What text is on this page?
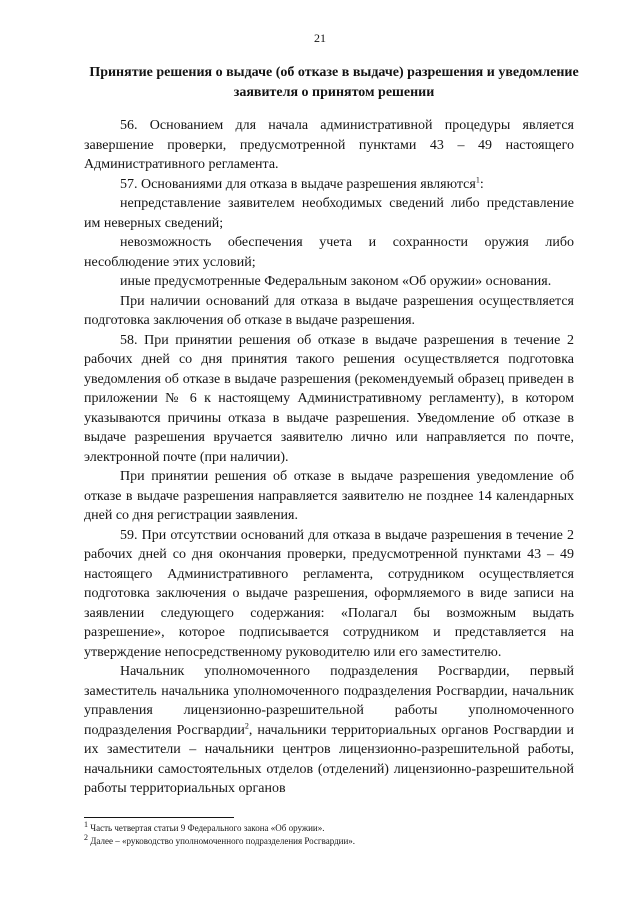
21
Принятие решения о выдаче (об отказе в выдаче) разрешения и уведомление заявителя о принятом решении

56. Основанием для начала административной процедуры является завершение проверки, предусмотренной пунктами 43 – 49 настоящего Административного регламента.

57. Основаниями для отказа в выдаче разрешения являются$^1$:

непредставление заявителем необходимых сведений либо представление им неверных сведений;

невозможность обеспечения учета и сохранности оружия либо несоблюдение этих условий;

иные предусмотренные Федеральным законом «Об оружии» основания.

При наличии оснований для отказа в выдаче разрешения осуществляется подготовка заключения об отказе в выдаче разрешения.

58. При принятии решения об отказе в выдаче разрешения в течение 2 рабочих дней со дня принятия такого решения осуществляется подготовка уведомления об отказе в выдаче разрешения (рекомендуемый образец приведен в приложении № 6 к настоящему Административному регламенту), в котором указываются причины отказа в выдаче разрешения. Уведомление об отказе в выдаче разрешения вручается заявителю лично или направляется по почте, электронной почте (при наличии).

При принятии решения об отказе в выдаче разрешения уведомление об отказе в выдаче разрешения направляется заявителю не позднее 14 календарных дней со дня регистрации заявления.

59. При отсутствии оснований для отказа в выдаче разрешения в течение 2 рабочих дней со дня окончания проверки, предусмотренной пунктами 43 – 49 настоящего Административного регламента, сотрудником осуществляется подготовка заключения о выдаче разрешения, оформляемого в виде записи на заявлении следующего содержания: «Полагал бы возможным выдать разрешение», которое подписывается сотрудником и представляется на утверждение непосредственному руководителю или его заместителю.

Начальник уполномоченного подразделения Росгвардии, первый заместитель начальника уполномоченного подразделения Росгвардии, начальник управления лицензионно-разрешительной работы уполномоченного подразделения Росгвардии$^2$, начальники территориальных органов Росгвардии и их заместители – начальники центров лицензионно-разрешительной работы, начальники самостоятельных отделов (отделений) лицензионно-разрешительной работы территориальных органов

$^1$ Часть четвертая статьи 9 Федерального закона «Об оружии».

$^2$ Далее – «руководство уполномоченного подразделения Росгвардии».
